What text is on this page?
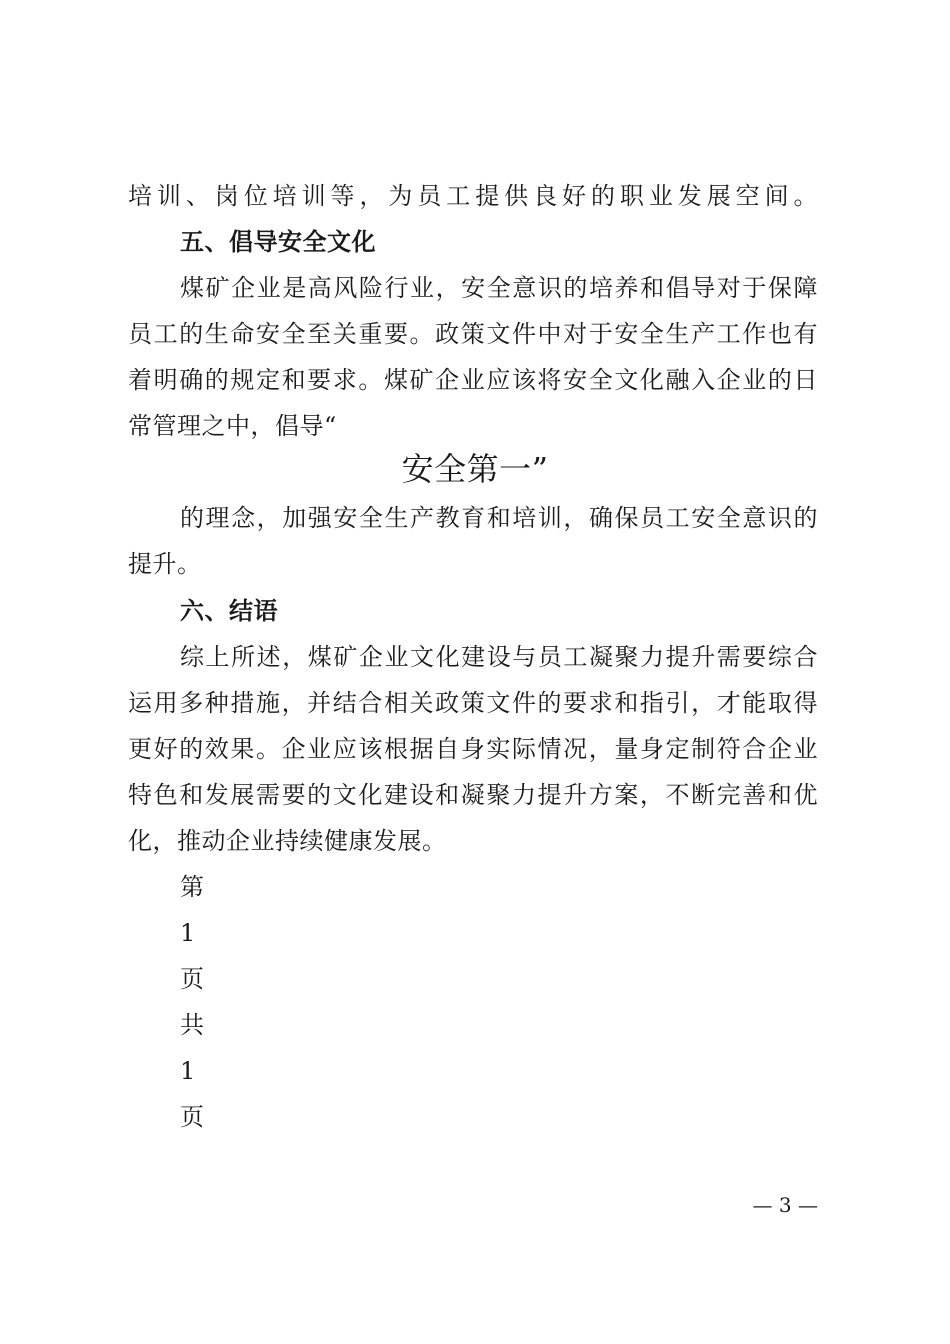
培训、岗位培训等，为员工提供良好的职业发展空间。
五、倡导安全文化
煤矿企业是高风险行业，安全意识的培养和倡导对于保障
员工的生命安全至关重要。政策文件中对于安全生产工作也有
着明确的规定和要求。煤矿企业应该将安全文化融入企业的日
常管理之中，倡导“
安全第一”
的理念，加强安全生产教育和培训，确保员工安全意识的
提升。
六、结语
综上所述，煤矿企业文化建设与员工凝聚力提升需要综合
运用多种措施，并结合相关政策文件的要求和指引，才能取得
更好的效果。企业应该根据自身实际情况，量身定制符合企业
特色和发展需要的文化建设和凝聚力提升方案，不断完善和优
化，推动企业持续健康发展。
第
1
页
共
1
页
— 3 —
